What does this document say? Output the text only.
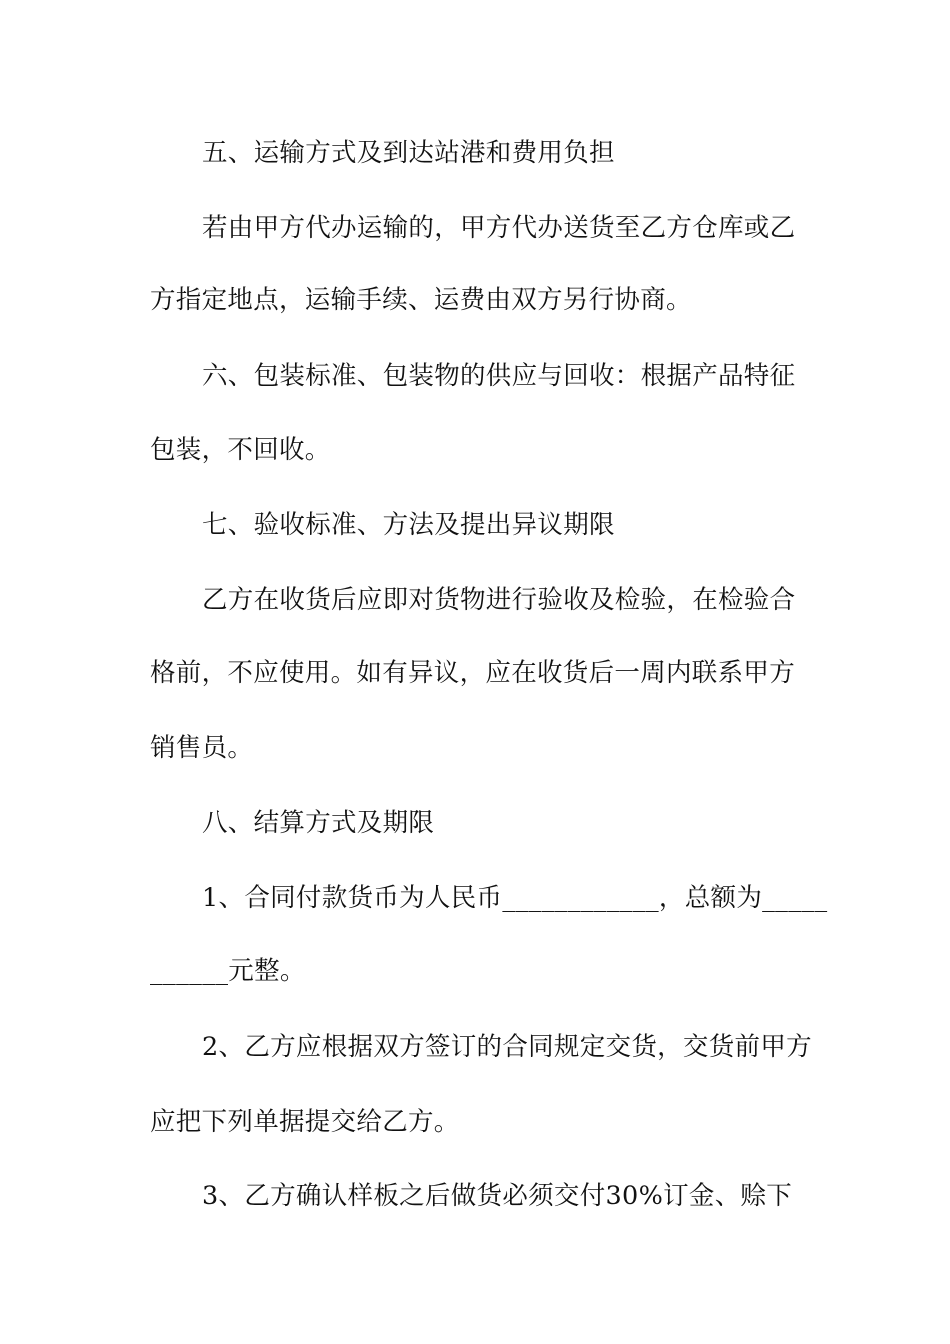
五、运输方式及到达站港和费用负担
若由甲方代办运输的，甲方代办送货至乙方仓库或乙
方指定地点，运输手续、运费由双方另行协商。
六、包装标准、包装物的供应与回收：根据产品特征
包装，不回收。
七、验收标准、方法及提出异议期限
乙方在收货后应即对货物进行验收及检验，在检验合
格前，不应使用。如有异议，应在收货后一周内联系甲方
销售员。
八、结算方式及期限
1、合同付款货币为人民币____________，总额为_____
______元整。
2、乙方应根据双方签订的合同规定交货，交货前甲方
应把下列单据提交给乙方。
3、乙方确认样板之后做货必须交付30%订金、赊下
